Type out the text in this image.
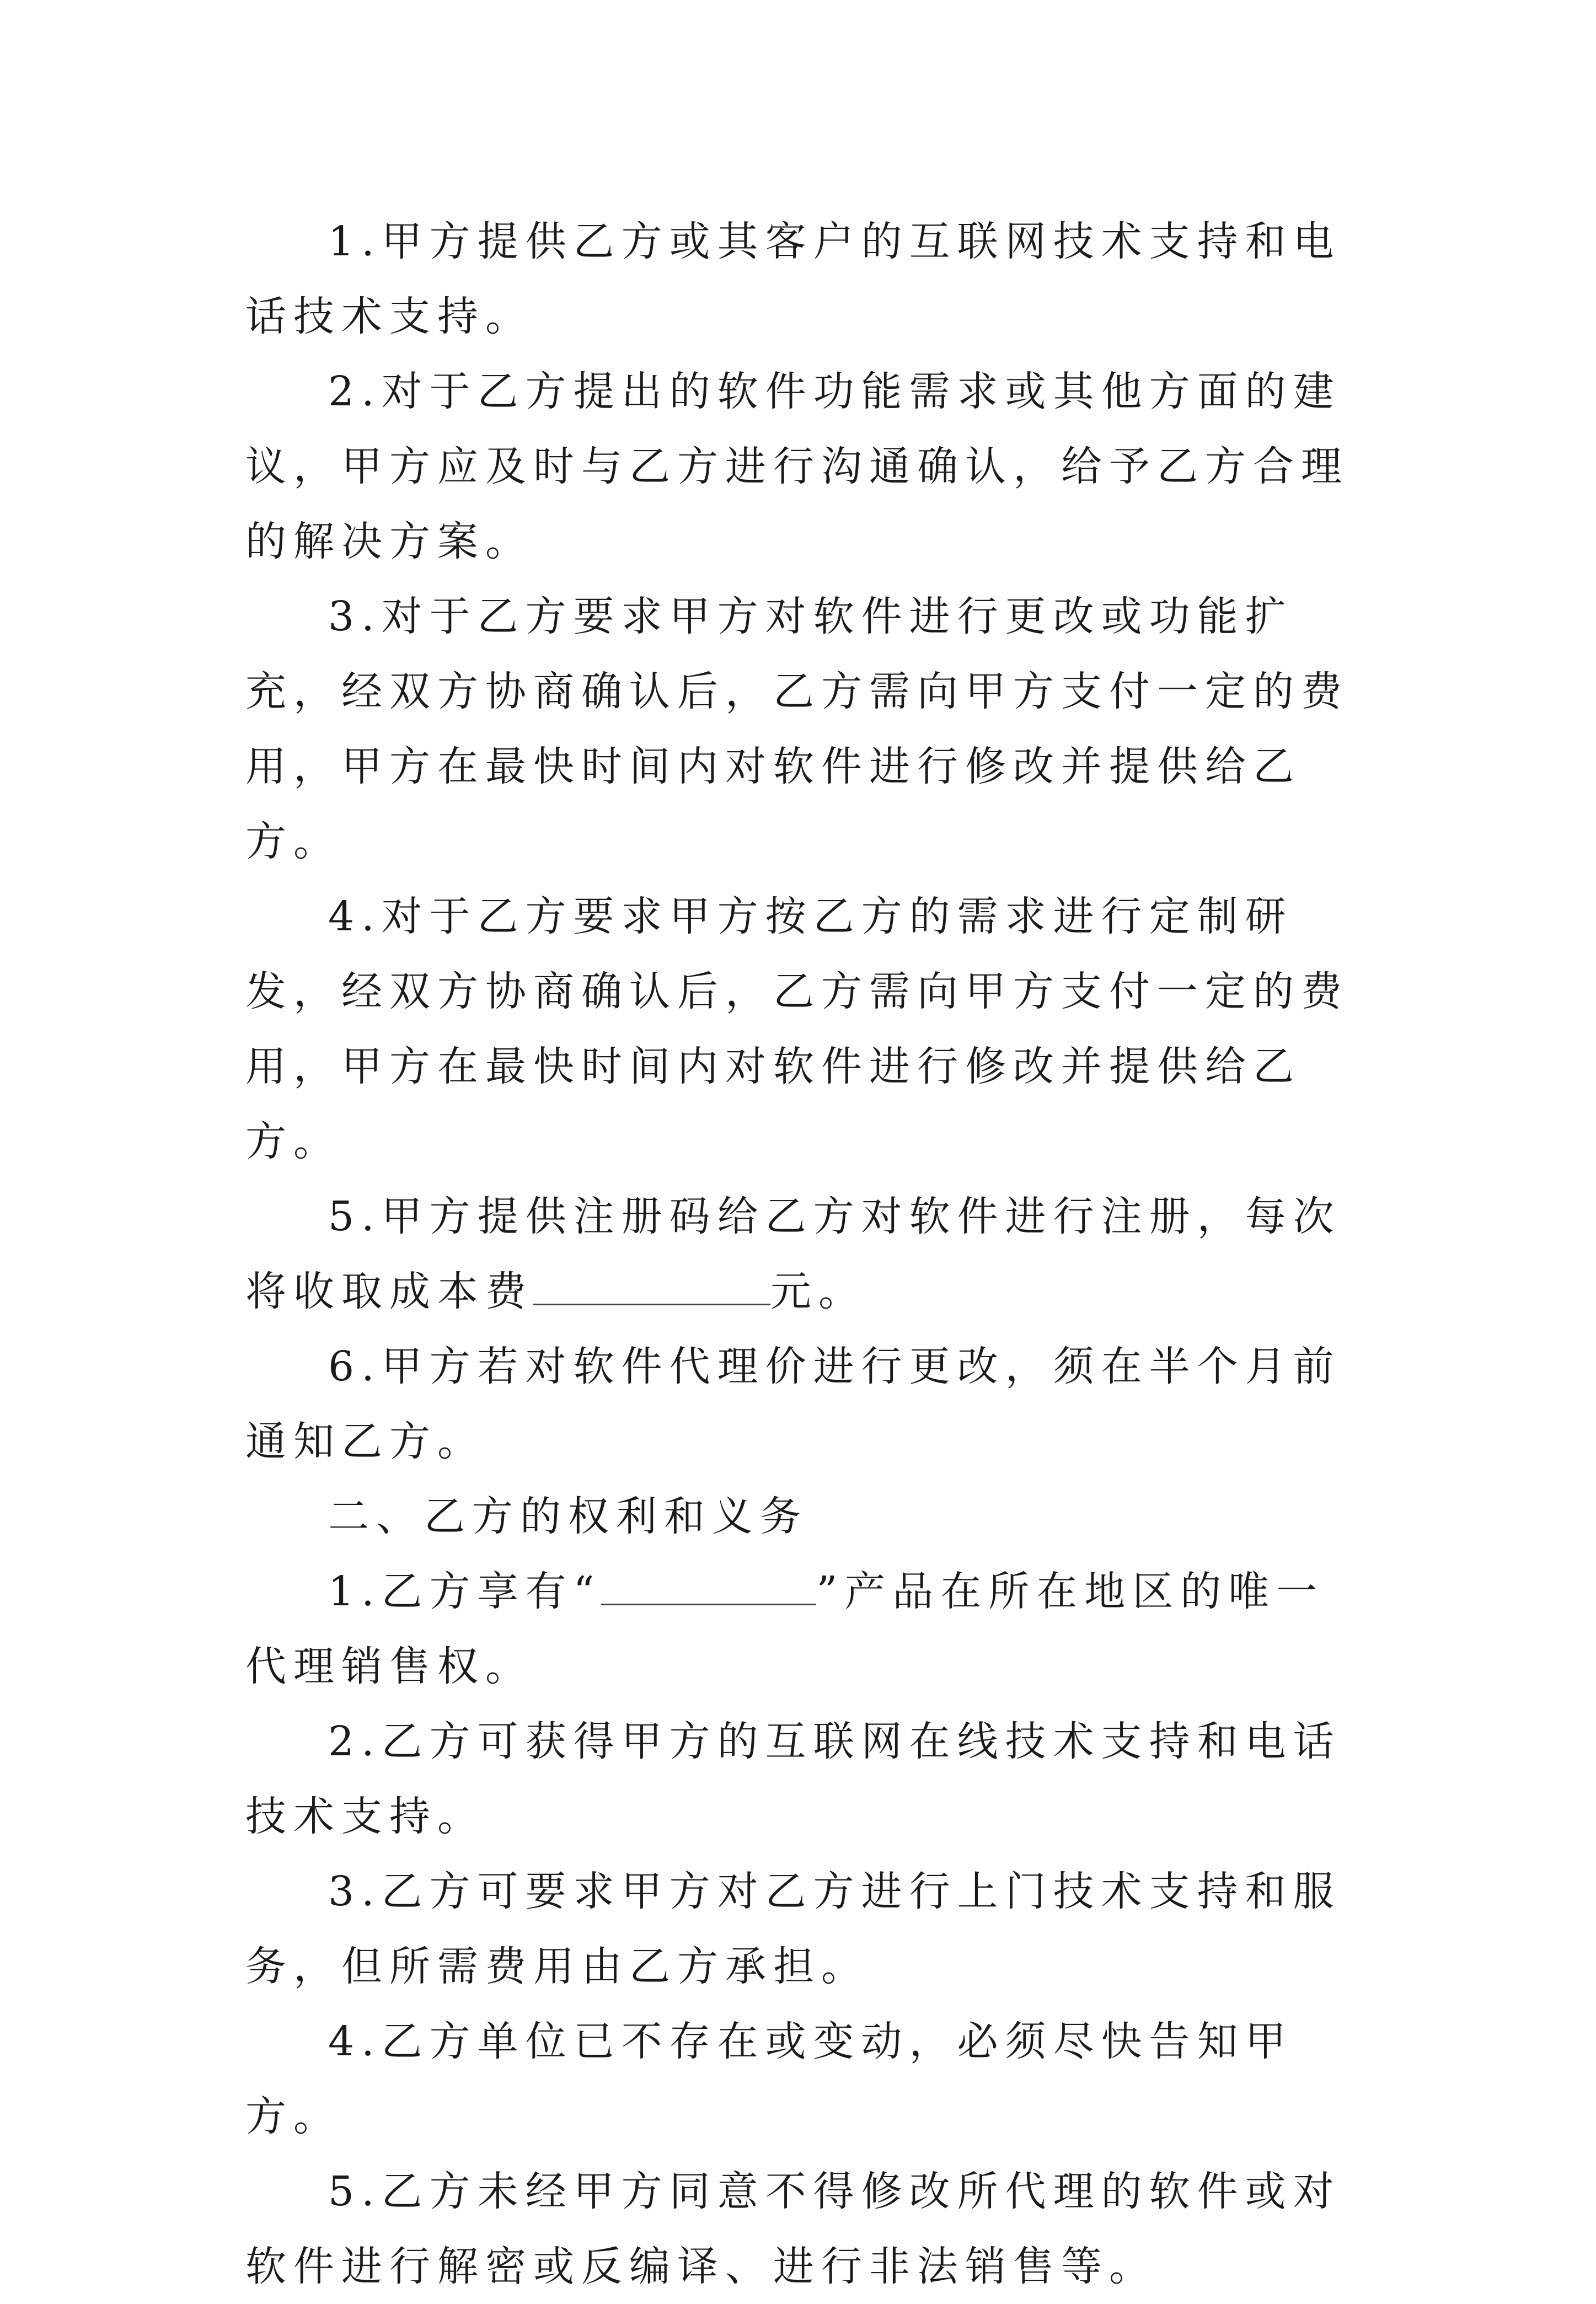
1.甲方提供乙方或其客户的互联网技术支持和电话技术支持。

2.对于乙方提出的软件功能需求或其他方面的建议，甲方应及时与乙方进行沟通确认，给予乙方合理的解决方案。

3.对于乙方要求甲方对软件进行更改或功能扩充，经双方协商确认后，乙方需向甲方支付一定的费用，甲方在最快时间内对软件进行修改并提供给乙方。

4.对于乙方要求甲方按乙方的需求进行定制研发，经双方协商确认后，乙方需向甲方支付一定的费用，甲方在最快时间内对软件进行修改并提供给乙方。

5.甲方提供注册码给乙方对软件进行注册，每次将收取成本费	元。

6.甲方若对软件代理价进行更改，须在半个月前通知乙方。

二、乙方的权利和义务

1.乙方享有“	”产品在所在地区的唯一代理销售权。

2.乙方可获得甲方的互联网在线技术支持和电话技术支持。

3.乙方可要求甲方对乙方进行上门技术支持和服务，但所需费用由乙方承担。

4.乙方单位已不存在或变动，必须尽快告知甲方。

5.乙方未经甲方同意不得修改所代理的软件或对软件进行解密或反编译、进行非法销售等。
